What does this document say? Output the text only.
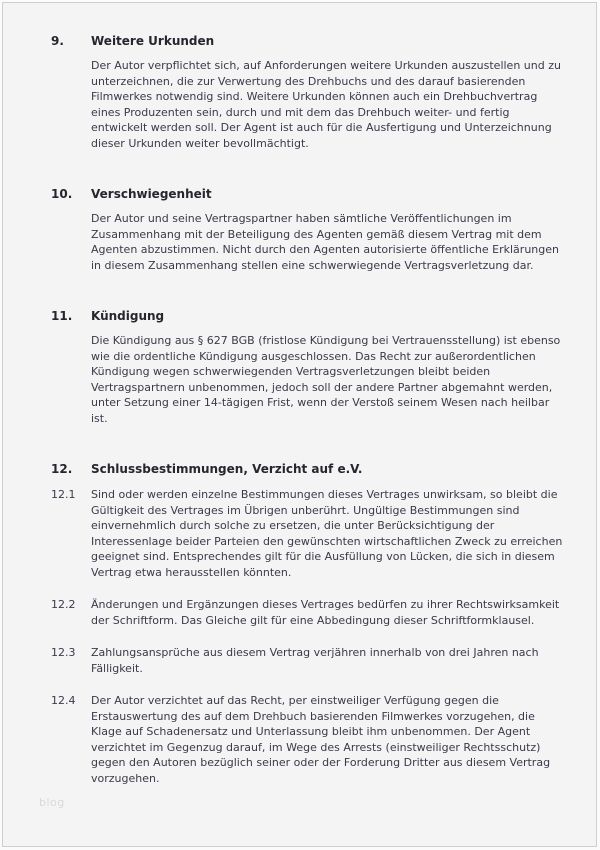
9.	Weitere Urkunden
Der Autor verpflichtet sich, auf Anforderungen weitere Urkunden auszustellen und zu unterzeichnen, die zur Verwertung des Drehbuchs und des darauf basierenden Filmwerkes notwendig sind. Weitere Urkunden können auch ein Drehbuchvertrag eines Produzenten sein, durch und mit dem das Drehbuch weiter- und fertig entwickelt werden soll. Der Agent ist auch für die Ausfertigung und Unterzeichnung dieser Urkunden weiter bevollmächtigt.
10.	Verschwiegenheit
Der Autor und seine Vertragspartner haben sämtliche Veröffentlichungen im Zusammenhang mit der Beteiligung des Agenten gemäß diesem Vertrag mit dem Agenten abzustimmen. Nicht durch den Agenten autorisierte öffentliche Erklärungen in diesem Zusammenhang stellen eine schwerwiegende Vertragsverletzung dar.
11.	Kündigung
Die Kündigung aus § 627 BGB (fristlose Kündigung bei Vertrauensstellung) ist ebenso wie die ordentliche Kündigung ausgeschlossen. Das Recht zur außerordentlichen Kündigung wegen schwerwiegenden Vertragsverletzungen bleibt beiden Vertragspartnern unbenommen, jedoch soll der andere Partner abgemahnt werden, unter Setzung einer 14-tägigen Frist, wenn der Verstoß seinem Wesen nach heilbar ist.
12.	Schlussbestimmungen, Verzicht auf e.V.
12.1	Sind oder werden einzelne Bestimmungen dieses Vertrages unwirksam, so bleibt die Gültigkeit des Vertrages im Übrigen unberührt. Ungültige Bestimmungen sind einvernehmlich durch solche zu ersetzen, die unter Berücksichtigung der Interessenlage beider Parteien den gewünschten wirtschaftlichen Zweck zu erreichen geeignet sind. Entsprechendes gilt für die Ausfüllung von Lücken, die sich in diesem Vertrag etwa herausstellen könnten.
12.2	Änderungen und Ergänzungen dieses Vertrages bedürfen zu ihrer Rechtswirksamkeit der Schriftform. Das Gleiche gilt für eine Abbedingung dieser Schriftformklausel.
12.3	Zahlungsansprüche aus diesem Vertrag verjähren innerhalb von drei Jahren nach Fälligkeit.
12.4	Der Autor verzichtet auf das Recht, per einstweiliger Verfügung gegen die Erstauswertung des auf dem Drehbuch basierenden Filmwerkes vorzugehen, die Klage auf Schadenersatz und Unterlassung bleibt ihm unbenommen. Der Agent verzichtet im Gegenzug darauf, im Wege des Arrests (einstweiliger Rechtsschutz) gegen den Autoren bezüglich seiner oder der Forderung Dritter aus diesem Vertrag vorzugehen.
blog
